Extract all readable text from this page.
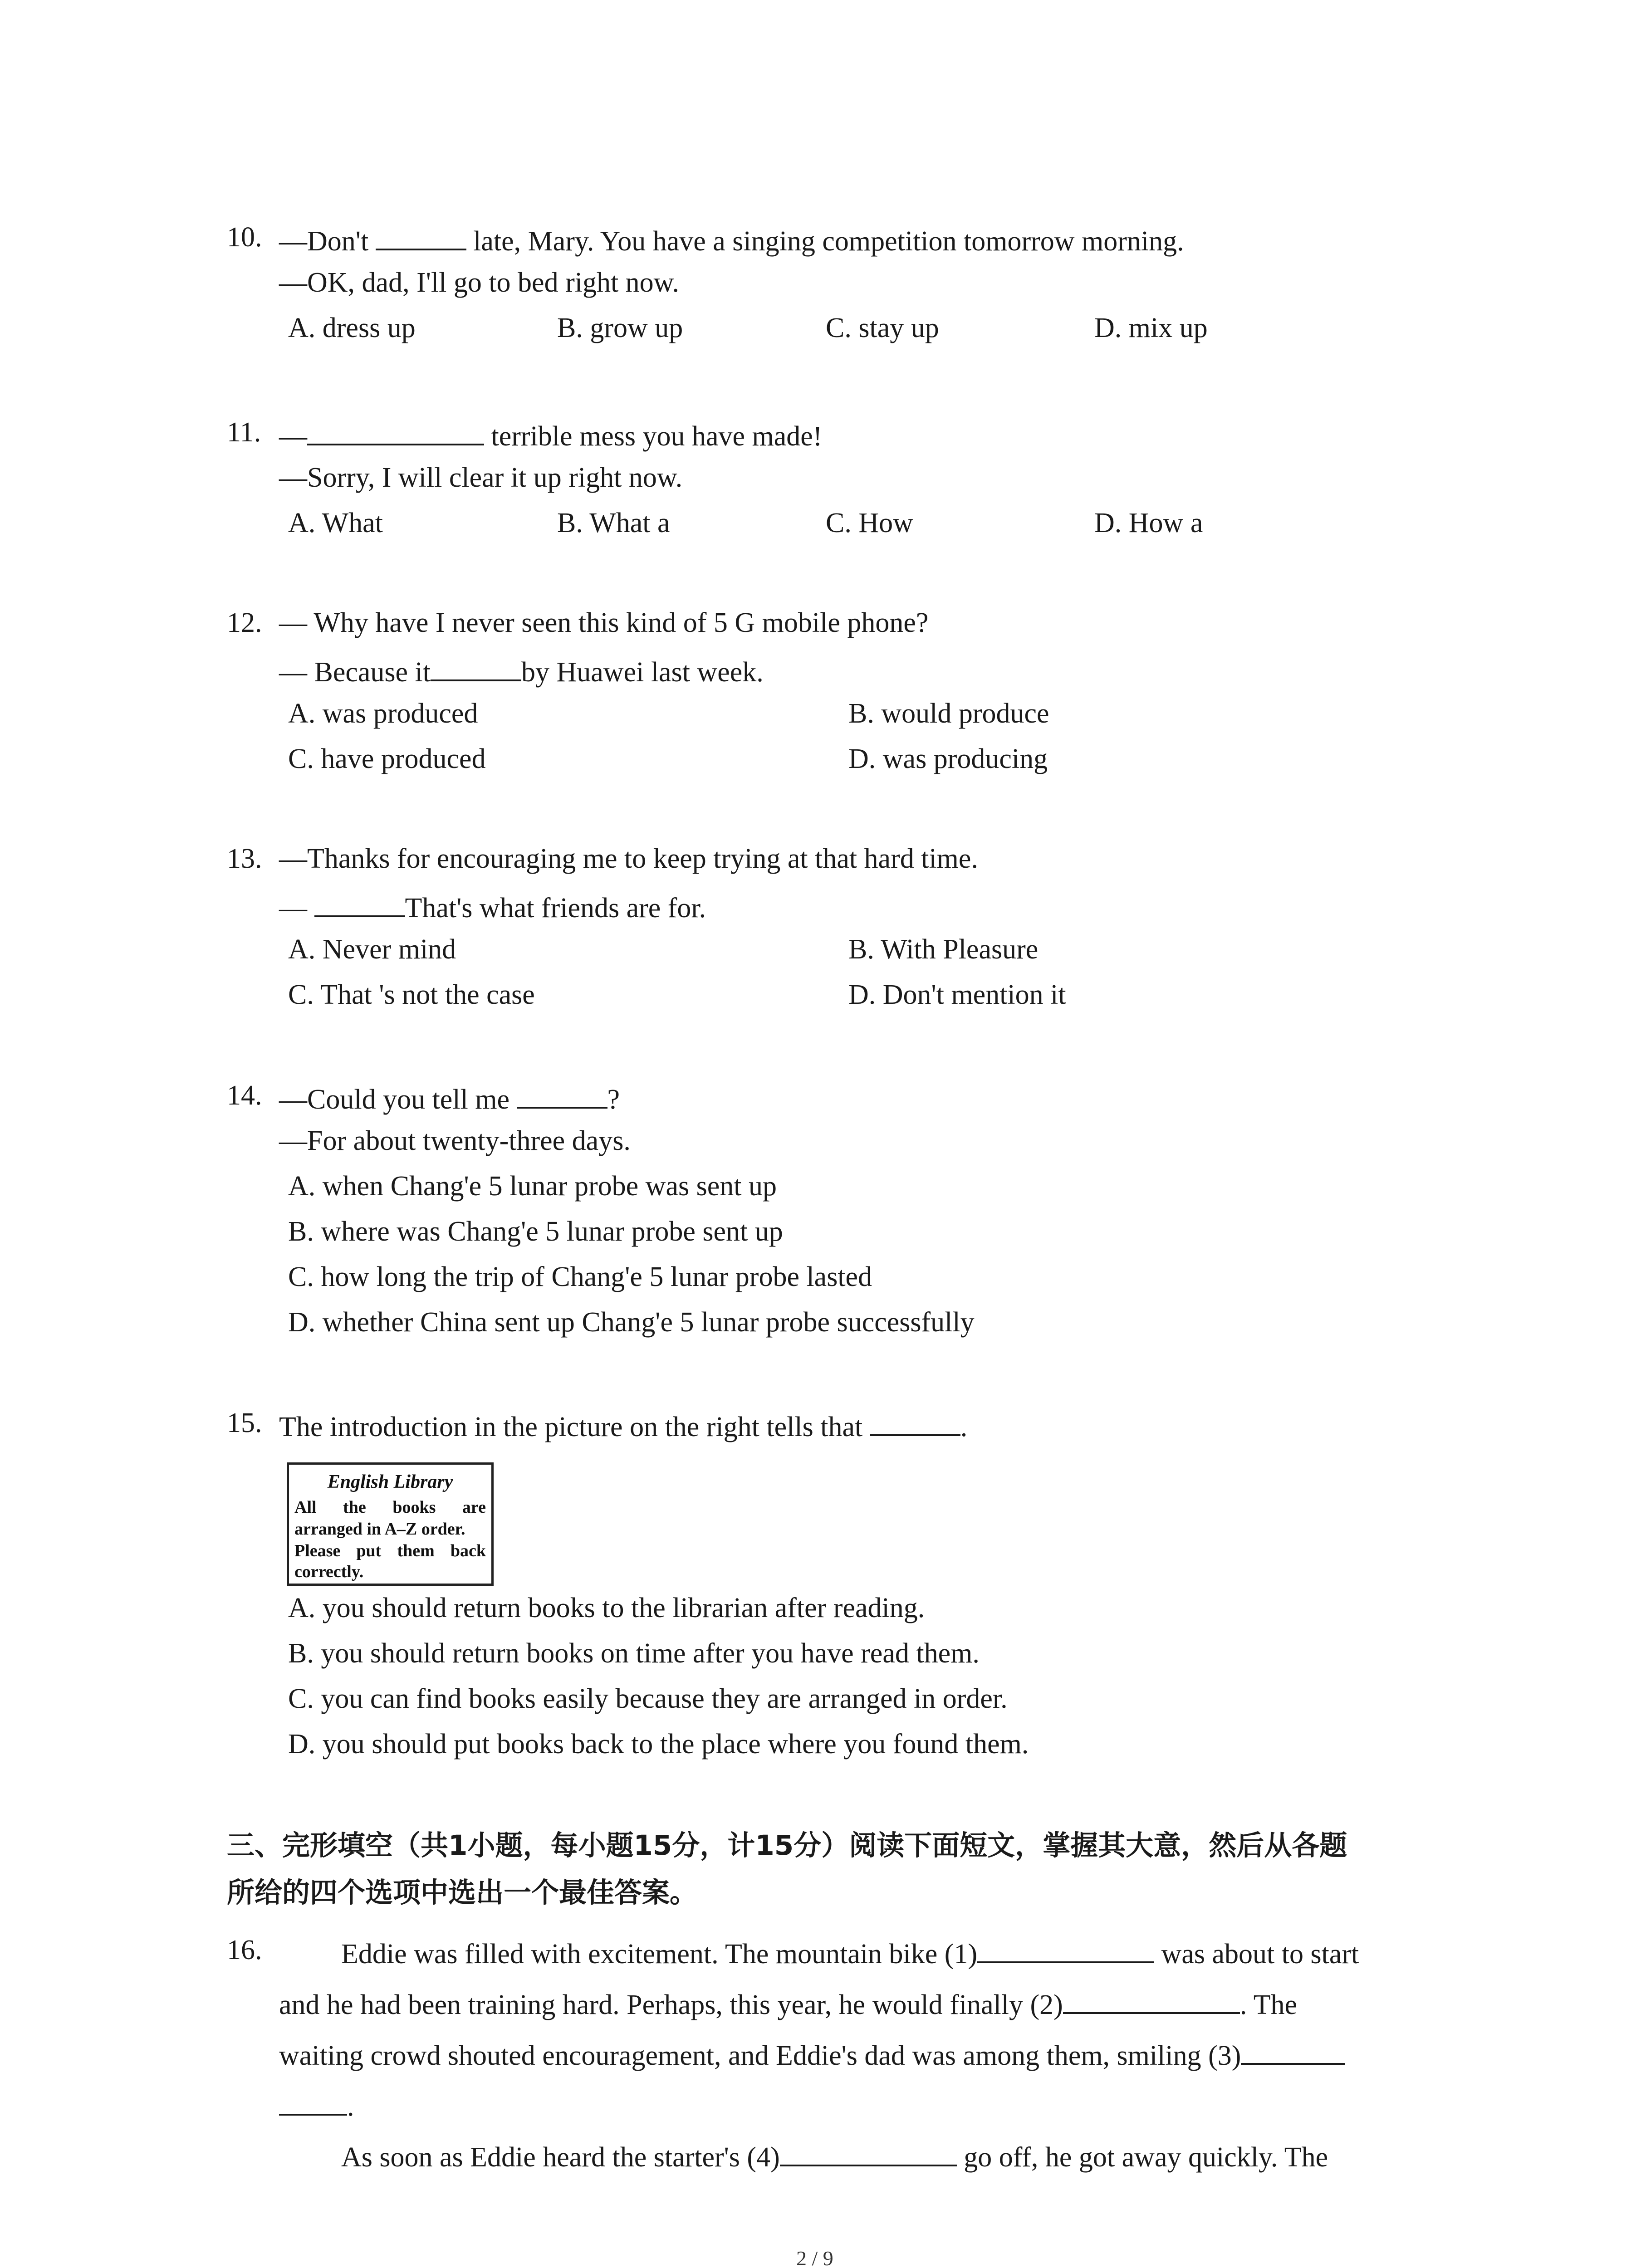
10. —Don't	late, Mary. You have a singing competition tomorrow morning.
—OK, dad, I'll go to bed right now.
A. dress up	B. grow up	C. stay up	D. mix up
11. —	terrible mess you have made!
—Sorry, I will clear it up right now.
A. What	B. What a	C. How	D. How a
12. — Why have I never seen this kind of 5 G mobile phone?
— Because it	by Huawei last week.
A. was produced	B. would produce
C. have produced	D. was producing
13. —Thanks for encouraging me to keep trying at that hard time.
—	That's what friends are for.
A. Never mind	B. With Pleasure
C. That 's not the case	D. Don't mention it
14. —Could you tell me	?
—For about twenty-three days.
A. when Chang'e 5 lunar probe was sent up
B. where was Chang'e 5 lunar probe sent up
C. how long the trip of Chang'e 5 lunar probe lasted
D. whether China sent up Chang'e 5 lunar probe successfully
15. The introduction in the picture on the right tells that	.
English Library
All the books are
arranged in A–Z order.
Please put them back
correctly.
A. you should return books to the librarian after reading.
B. you should return books on time after you have read them.
C. you can find books easily because they are arranged in order.
D. you should put books back to the place where you found them.
三、完形填空（共1小题，每小题15分，计15分）阅读下面短文，掌握其大意，然后从各题
所给的四个选项中选出一个最佳答案。
16.	Eddie was filled with excitement. The mountain bike (1)	was about to start
and he had been training hard. Perhaps, this year, he would finally (2)	. The
waiting crowd shouted encouragement, and Eddie's dad was among them, smiling (3)
.
As soon as Eddie heard the starter's (4)	go off, he got away quickly. The
2 / 9
